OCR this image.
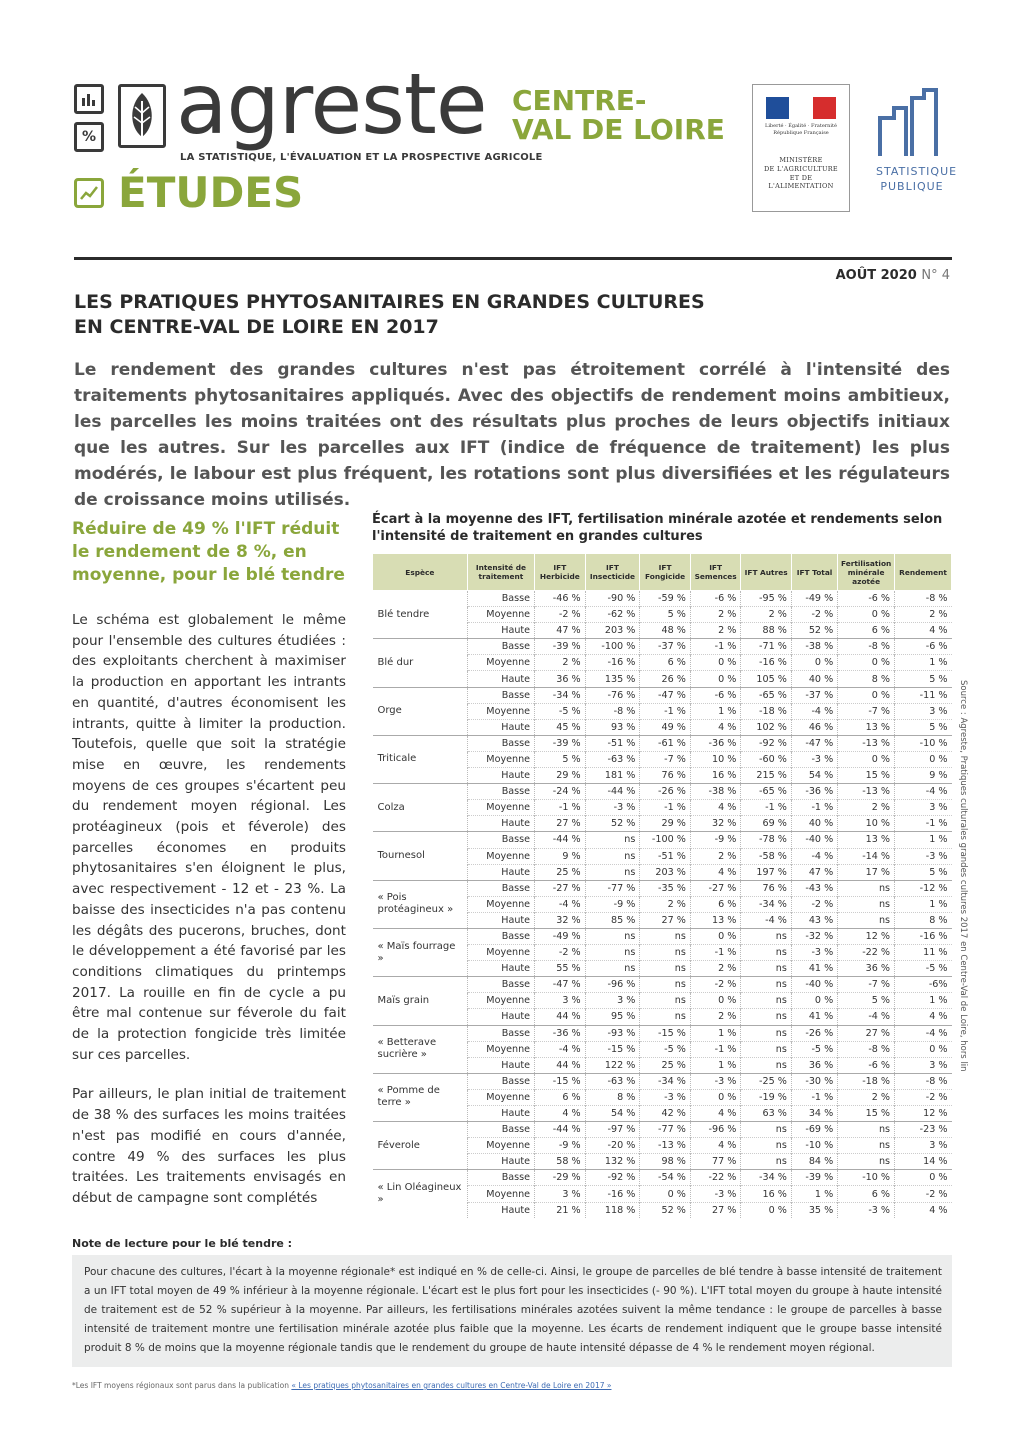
% agreste
LA STATISTIQUE, L'ÉVALUATION ET LA PROSPECTIVE AGRICOLE
ÉTUDES
CENTRE-
VAL DE LOIRE	Liberté · Égalité · Fraternité
République Française
MINISTÈRE
DE L'AGRICULTURE
ET DE
L'ALIMENTATION
STATISTIQUE
PUBLIQUE
AOÛT 2020 N° 4
LES PRATIQUES PHYTOSANITAIRES EN GRANDES CULTURES
EN CENTRE-VAL DE LOIRE EN 2017
Le rendement des grandes cultures n'est pas étroitement corrélé à l'intensité des traitements phytosanitaires appliqués. Avec des objectifs de rendement moins ambitieux, les parcelles les moins traitées ont des résultats plus proches de leurs objectifs initiaux que les autres. Sur les parcelles aux IFT (indice de fréquence de traitement) les plus modérés, le labour est plus fréquent, les rotations sont plus diversifiées et les régulateurs de croissance moins utilisés.
Réduire de 49 % l'IFT réduit le rendement de 8 %, en moyenne, pour le blé tendre

Le schéma est globalement le même pour l'ensemble des cultures étudiées : des exploitants cherchent à maximiser la production en apportant les intrants en quantité, d'autres économisent les intrants, quitte à limiter la production. Toutefois, quelle que soit la stratégie mise en œuvre, les rendements moyens de ces groupes s'écartent peu du rendement moyen régional. Les protéagineux (pois et féverole) des parcelles économes en produits phytosanitaires s'en éloignent le plus, avec respectivement - 12 et - 23 %. La baisse des insecticides n'a pas contenu les dégâts des pucerons, bruches, dont le développement a été favorisé par les conditions climatiques du printemps 2017. La rouille en fin de cycle a pu être mal contenue sur féverole du fait de la protection fongicide très limitée sur ces parcelles.

Par ailleurs, le plan initial de traitement de 38 % des surfaces les moins traitées n'est pas modifié en cours d'année, contre 49 % des surfaces les plus traitées. Les traitements envisagés en début de campagne sont complétés

Écart à la moyenne des IFT, fertilisation minérale azotée et rendements selon l'intensité de traitement en grandes cultures
Espèce	Intensité de traitement	IFT Herbicide	IFT Insecticide	IFT Fongicide	IFT Semences	IFT Autres	IFT Total	Fertilisation minérale azotée	Rendement
Blé tendre	Basse	-46 %	-90 %	-59 %	-6 %	-95 %	-49 %	-6 %	-8 %
	Moyenne	-2 %	-62 %	5 %	2 %	2 %	-2 %	0 %	2 %
	Haute	47 %	203 %	48 %	2 %	88 %	52 %	6 %	4 %
Blé dur	Basse	-39 %	-100 %	-37 %	-1 %	-71 %	-38 %	-8 %	-6 %
	Moyenne	2 %	-16 %	6 %	0 %	-16 %	0 %	0 %	1 %
	Haute	36 %	135 %	26 %	0 %	105 %	40 %	8 %	5 %
Orge	Basse	-34 %	-76 %	-47 %	-6 %	-65 %	-37 %	0 %	-11 %
	Moyenne	-5 %	-8 %	-1 %	1 %	-18 %	-4 %	-7 %	3 %
	Haute	45 %	93 %	49 %	4 %	102 %	46 %	13 %	5 %
Triticale	Basse	-39 %	-51 %	-61 %	-36 %	-92 %	-47 %	-13 %	-10 %
	Moyenne	5 %	-63 %	-7 %	10 %	-60 %	-3 %	0 %	0 %
	Haute	29 %	181 %	76 %	16 %	215 %	54 %	15 %	9 %
Colza	Basse	-24 %	-44 %	-26 %	-38 %	-65 %	-36 %	-13 %	-4 %
	Moyenne	-1 %	-3 %	-1 %	4 %	-1 %	-1 %	2 %	3 %
	Haute	27 %	52 %	29 %	32 %	69 %	40 %	10 %	-1 %
Tournesol	Basse	-44 %	ns	-100 %	-9 %	-78 %	-40 %	13 %	1 %
	Moyenne	9 %	ns	-51 %	2 %	-58 %	-4 %	-14 %	-3 %
	Haute	25 %	ns	203 %	4 %	197 %	47 %	17 %	5 %
« Pois protéagineux »	Basse	-27 %	-77 %	-35 %	-27 %	76 %	-43 %	ns	-12 %
	Moyenne	-4 %	-9 %	2 %	6 %	-34 %	-2 %	ns	1 %
	Haute	32 %	85 %	27 %	13 %	-4 %	43 %	ns	8 %
« Maïs fourrage »	Basse	-49 %	ns	ns	0 %	ns	-32 %	12 %	-16 %
	Moyenne	-2 %	ns	ns	-1 %	ns	-3 %	-22 %	11 %
	Haute	55 %	ns	ns	2 %	ns	41 %	36 %	-5 %
Maïs grain	Basse	-47 %	-96 %	ns	-2 %	ns	-40 %	-7 %	-6%
	Moyenne	3 %	3 %	ns	0 %	ns	0 %	5 %	1 %
	Haute	44 %	95 %	ns	2 %	ns	41 %	-4 %	4 %
« Betterave sucrière »	Basse	-36 %	-93 %	-15 %	1 %	ns	-26 %	27 %	-4 %
	Moyenne	-4 %	-15 %	-5 %	-1 %	ns	-5 %	-8 %	0 %
	Haute	44 %	122 %	25 %	1 %	ns	36 %	-6 %	3 %
« Pomme de terre »	Basse	-15 %	-63 %	-34 %	-3 %	-25 %	-30 %	-18 %	-8 %
	Moyenne	6 %	8 %	-3 %	0 %	-19 %	-1 %	2 %	-2 %
	Haute	4 %	54 %	42 %	4 %	63 %	34 %	15 %	12 %
Féverole	Basse	-44 %	-97 %	-77 %	-96 %	ns	-69 %	ns	-23 %
	Moyenne	-9 %	-20 %	-13 %	4 %	ns	-10 %	ns	3 %
	Haute	58 %	132 %	98 %	77 %	ns	84 %	ns	14 %
« Lin Oléagineux »	Basse	-29 %	-92 %	-54 %	-22 %	-34 %	-39 %	-10 %	0 %
	Moyenne	3 %	-16 %	0 %	-3 %	16 %	1 %	6 %	-2 %
	Haute	21 %	118 %	52 %	27 %	0 %	35 %	-3 %	4 %
Source : Agreste, Pratiques culturales grandes cultures 2017 en Centre-Val de Loire, hors lin
Note de lecture pour le blé tendre :
Pour chacune des cultures, l'écart à la moyenne régionale* est indiqué en % de celle-ci. Ainsi, le groupe de parcelles de blé tendre à basse intensité de traitement a un IFT total moyen de 49 % inférieur à la moyenne régionale. L'écart est le plus fort pour les insecticides (- 90 %). L'IFT total moyen du groupe à haute intensité de traitement est de 52 % supérieur à la moyenne. Par ailleurs, les fertilisations minérales azotées suivent la même tendance : le groupe de parcelles à basse intensité de traitement montre une fertilisation minérale azotée plus faible que la moyenne. Les écarts de rendement indiquent que le groupe basse intensité produit 8 % de moins que la moyenne régionale tandis que le rendement du groupe de haute intensité dépasse de 4 % le rendement moyen régional.
*Les IFT moyens régionaux sont parus dans la publication « Les pratiques phytosanitaires en grandes cultures en Centre-Val de Loire en 2017 »
